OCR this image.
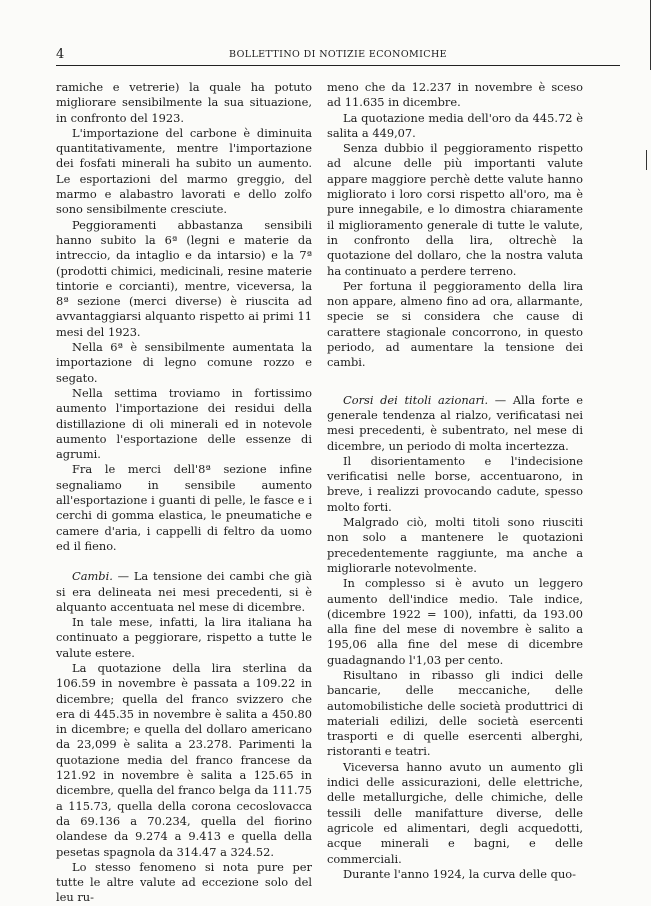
4	BOLLETTINO DI NOTIZIE ECONOMICHE

ramiche e vetrerie) la quale ha potuto migliorare sensibilmente la sua situazione, in confronto del 1923.

L'importazione del carbone è diminuita quantitativamente, mentre l'importazione dei fosfati minerali ha subito un aumento. Le esportazioni del marmo greggio, del marmo e alabastro lavorati e dello zolfo sono sensibilmente cresciute.

Peggioramenti abbastanza sensibili hanno subito la 6ª (legni e materie da intreccio, da intaglio e da intarsio) e la 7ª (prodotti chimici, medicinali, resine materie tintorie e corcianti), mentre, viceversa, la 8ª sezione (merci diverse) è riuscita ad avvantaggiarsi alquanto rispetto ai primi 11 mesi del 1923.

Nella 6ª è sensibilmente aumentata la importazione di legno comune rozzo e segato.

Nella settima troviamo in fortissimo aumento l'importazione dei residui della distillazione di oli minerali ed in notevole aumento l'esportazione delle essenze di agrumi.

Fra le merci dell'8ª sezione infine segnaliamo in sensibile aumento all'esportazione i guanti di pelle, le fasce e i cerchi di gomma elastica, le pneumatiche e camere d'aria, i cappelli di feltro da uomo ed il fieno.

Cambi. — La tensione dei cambi che già si era delineata nei mesi precedenti, si è alquanto accentuata nel mese di dicembre.

In tale mese, infatti, la lira italiana ha continuato a peggiorare, rispetto a tutte le valute estere.

La quotazione della lira sterlina da 106.59 in novembre è passata a 109.22 in dicembre; quella del franco svizzero che era di 445.35 in novembre è salita a 450.80 in dicembre; e quella del dollaro americano da 23,099 è salita a 23.278. Parimenti la quotazione media del franco francese da 121.92 in novembre è salita a 125.65 in dicembre, quella del franco belga da 111.75 a 115.73, quella della corona cecoslovacca da 69.136 a 70.234, quella del fiorino olandese da 9.274 a 9.413 e quella della pesetas spagnola da 314.47 a 324.52.

Lo stesso fenomeno si nota pure per tutte le altre valute ad eccezione solo del leu ru-

meno che da 12.237 in novembre è sceso ad 11.635 in dicembre.

La quotazione media dell'oro da 445.72 è salita a 449,07.

Senza dubbio il peggioramento rispetto ad alcune delle più importanti valute appare maggiore perchè dette valute hanno migliorato i loro corsi rispetto all'oro, ma è pure innegabile, e lo dimostra chiaramente il miglioramento generale di tutte le valute, in confronto della lira, oltrechè la quotazione del dollaro, che la nostra valuta ha continuato a perdere terreno.

Per fortuna il peggioramento della lira non appare, almeno fino ad ora, allarmante, specie se si considera che cause di carattere stagionale concorrono, in questo periodo, ad aumentare la tensione dei cambi.

Corsi dei titoli azionari. — Alla forte e generale tendenza al rialzo, verificatasi nei mesi precedenti, è subentrato, nel mese di dicembre, un periodo di molta incertezza.

Il disorientamento e l'indecisione verificatisi nelle borse, accentuarono, in breve, i realizzi provocando cadute, spesso molto forti.

Malgrado ciò, molti titoli sono riusciti non solo a mantenere le quotazioni precedentemente raggiunte, ma anche a migliorarle notevolmente.

In complesso si è avuto un leggero aumento dell'indice medio. Tale indice, (dicembre 1922 = 100), infatti, da 193.00 alla fine del mese di novembre è salito a 195,06 alla fine del mese di dicembre guadagnando l'1,03 per cento.

Risultano in ribasso gli indici delle bancarie, delle meccaniche, delle automobilistiche delle società produttrici di materiali edilizi, delle società esercenti trasporti e di quelle esercenti alberghi, ristoranti e teatri.

Viceversa hanno avuto un aumento gli indici delle assicurazioni, delle elettriche, delle metallurgiche, delle chimiche, delle tessili delle manifatture diverse, delle agricole ed alimentari, degli acquedotti, acque minerali e bagni, e delle commerciali.

Durante l'anno 1924, la curva delle quo-
